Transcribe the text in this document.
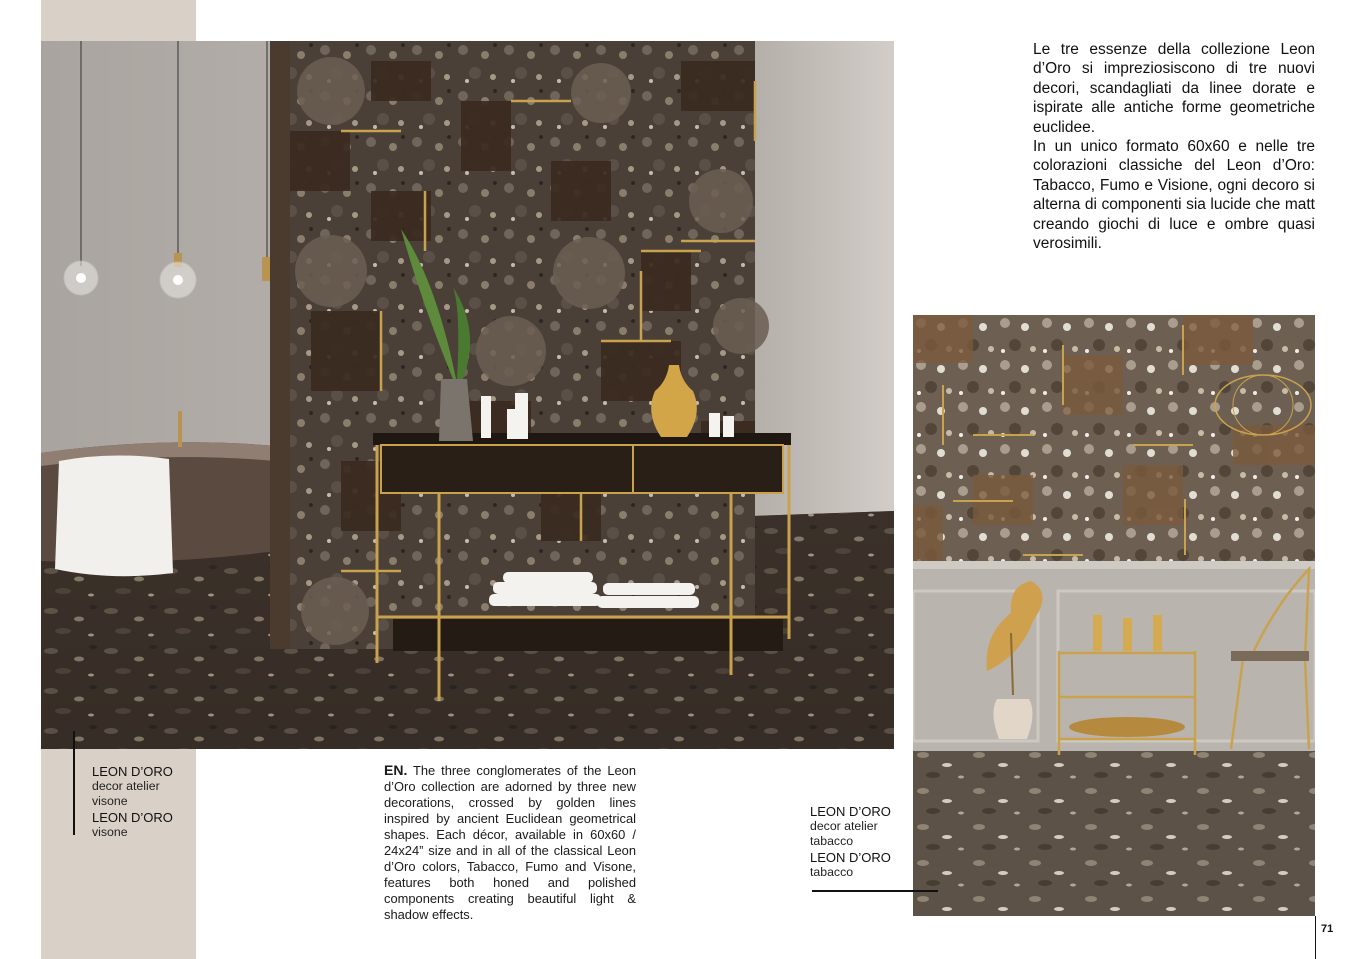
Le tre essenze della collezione Leon d’Oro si impreziosiscono di tre nuovi decori, scandagliati da linee dorate e ispirate alle antiche forme geometriche euclidee.

In un unico formato 60x60 e nelle tre colorazioni classiche del Leon d’Oro: Tabacco, Fumo e Visione, ogni decoro si alterna di componenti sia lucide che matt creando giochi di luce e ombre quasi verosimili.

LEON D’ORO
decor atelier
visone
LEON D’ORO
visone
EN. The three conglomerates of the Leon d’Oro collection are adorned by three new decorations, crossed by golden lines inspired by ancient Euclidean geometrical shapes. Each décor, available in 60x60 / 24x24” size and in all of the classical Leon d’Oro colors, Tabacco, Fumo and Visone, features both honed and polished components creating beautiful light & shadow effects.
LEON D’ORO
decor atelier
tabacco
LEON D’ORO
tabacco
71
